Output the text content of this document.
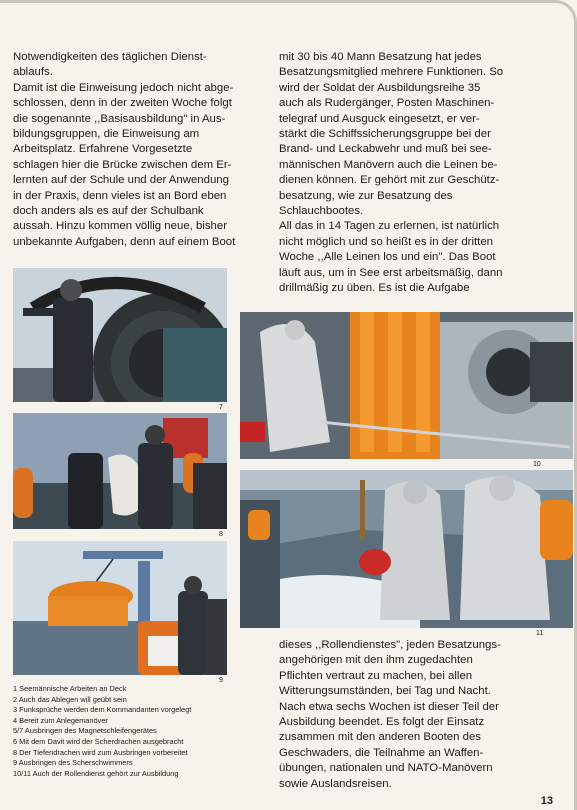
Notwendigkeiten des täglichen Dienst-
ablaufs.
Damit ist die Einweisung jedoch nicht abge-
schlossen, denn in der zweiten Woche folgt
die sogenannte ,,Basisausbildung" in Aus-
bildungsgruppen, die Einweisung am
Arbeitsplatz. Erfahrene Vorgesetzte
schlagen hier die Brücke zwischen dem Er-
lernten auf der Schule und der Anwendung
in der Praxis, denn vieles ist an Bord eben
doch anders als es auf der Schulbank
aussah. Hinzu kommen völlig neue, bisher
unbekannte Aufgaben, denn auf einem Boot
mit 30 bis 40 Mann Besatzung hat jedes
Besatzungsmitglied mehrere Funktionen. So
wird der Soldat der Ausbildungsreihe 35
auch als Rudergänger, Posten Maschinen-
telegraf und Ausguck eingesetzt, er ver-
stärkt die Schiffssicherungsgruppe bei der
Brand- und Leckabwehr und muß bei see-
männischen Manövern auch die Leinen be-
dienen können. Er gehört mit zur Geschütz-
besatzung, wie zur Besatzung des
Schlauchbootes.
All das in 14 Tagen zu erlernen, ist natürlich
nicht möglich und so heißt es in der dritten
Woche ,,Alle Leinen los und ein". Das Boot
läuft aus, um in See erst arbeitsmäßig, dann
drillmäßig zu üben. Es ist die Aufgabe
7
8
9
10
11
dieses ,,Rollendienstes", jeden Besatzungs-
angehörigen mit den ihm zugedachten
Pflichten vertraut zu machen, bei allen
Witterungsumständen, bei Tag und Nacht.
Nach etwa sechs Wochen ist dieser Teil der
Ausbildung beendet. Es folgt der Einsatz
zusammen mit den anderen Booten des
Geschwaders, die Teilnahme an Waffen-
übungen, nationalen und NATO-Manövern
sowie Auslandsreisen.
1 Seemännische Arbeiten an Deck
2 Auch das Ablegen will geübt sein
3 Funksprüche werden dem Kommandanten vorgelegt
4 Bereit zum Anlegemanöver
5/7 Ausbringen des Magnetschleifengerätes
6 Mit dem Davit wird der Scherdrachen ausgebracht
8 Der Tiefendrachen wird zum Ausbringen vorbereitet
9 Ausbringen des Scherschwimmers
10/11 Auch der Rollendienst gehört zur Ausbildung
13
